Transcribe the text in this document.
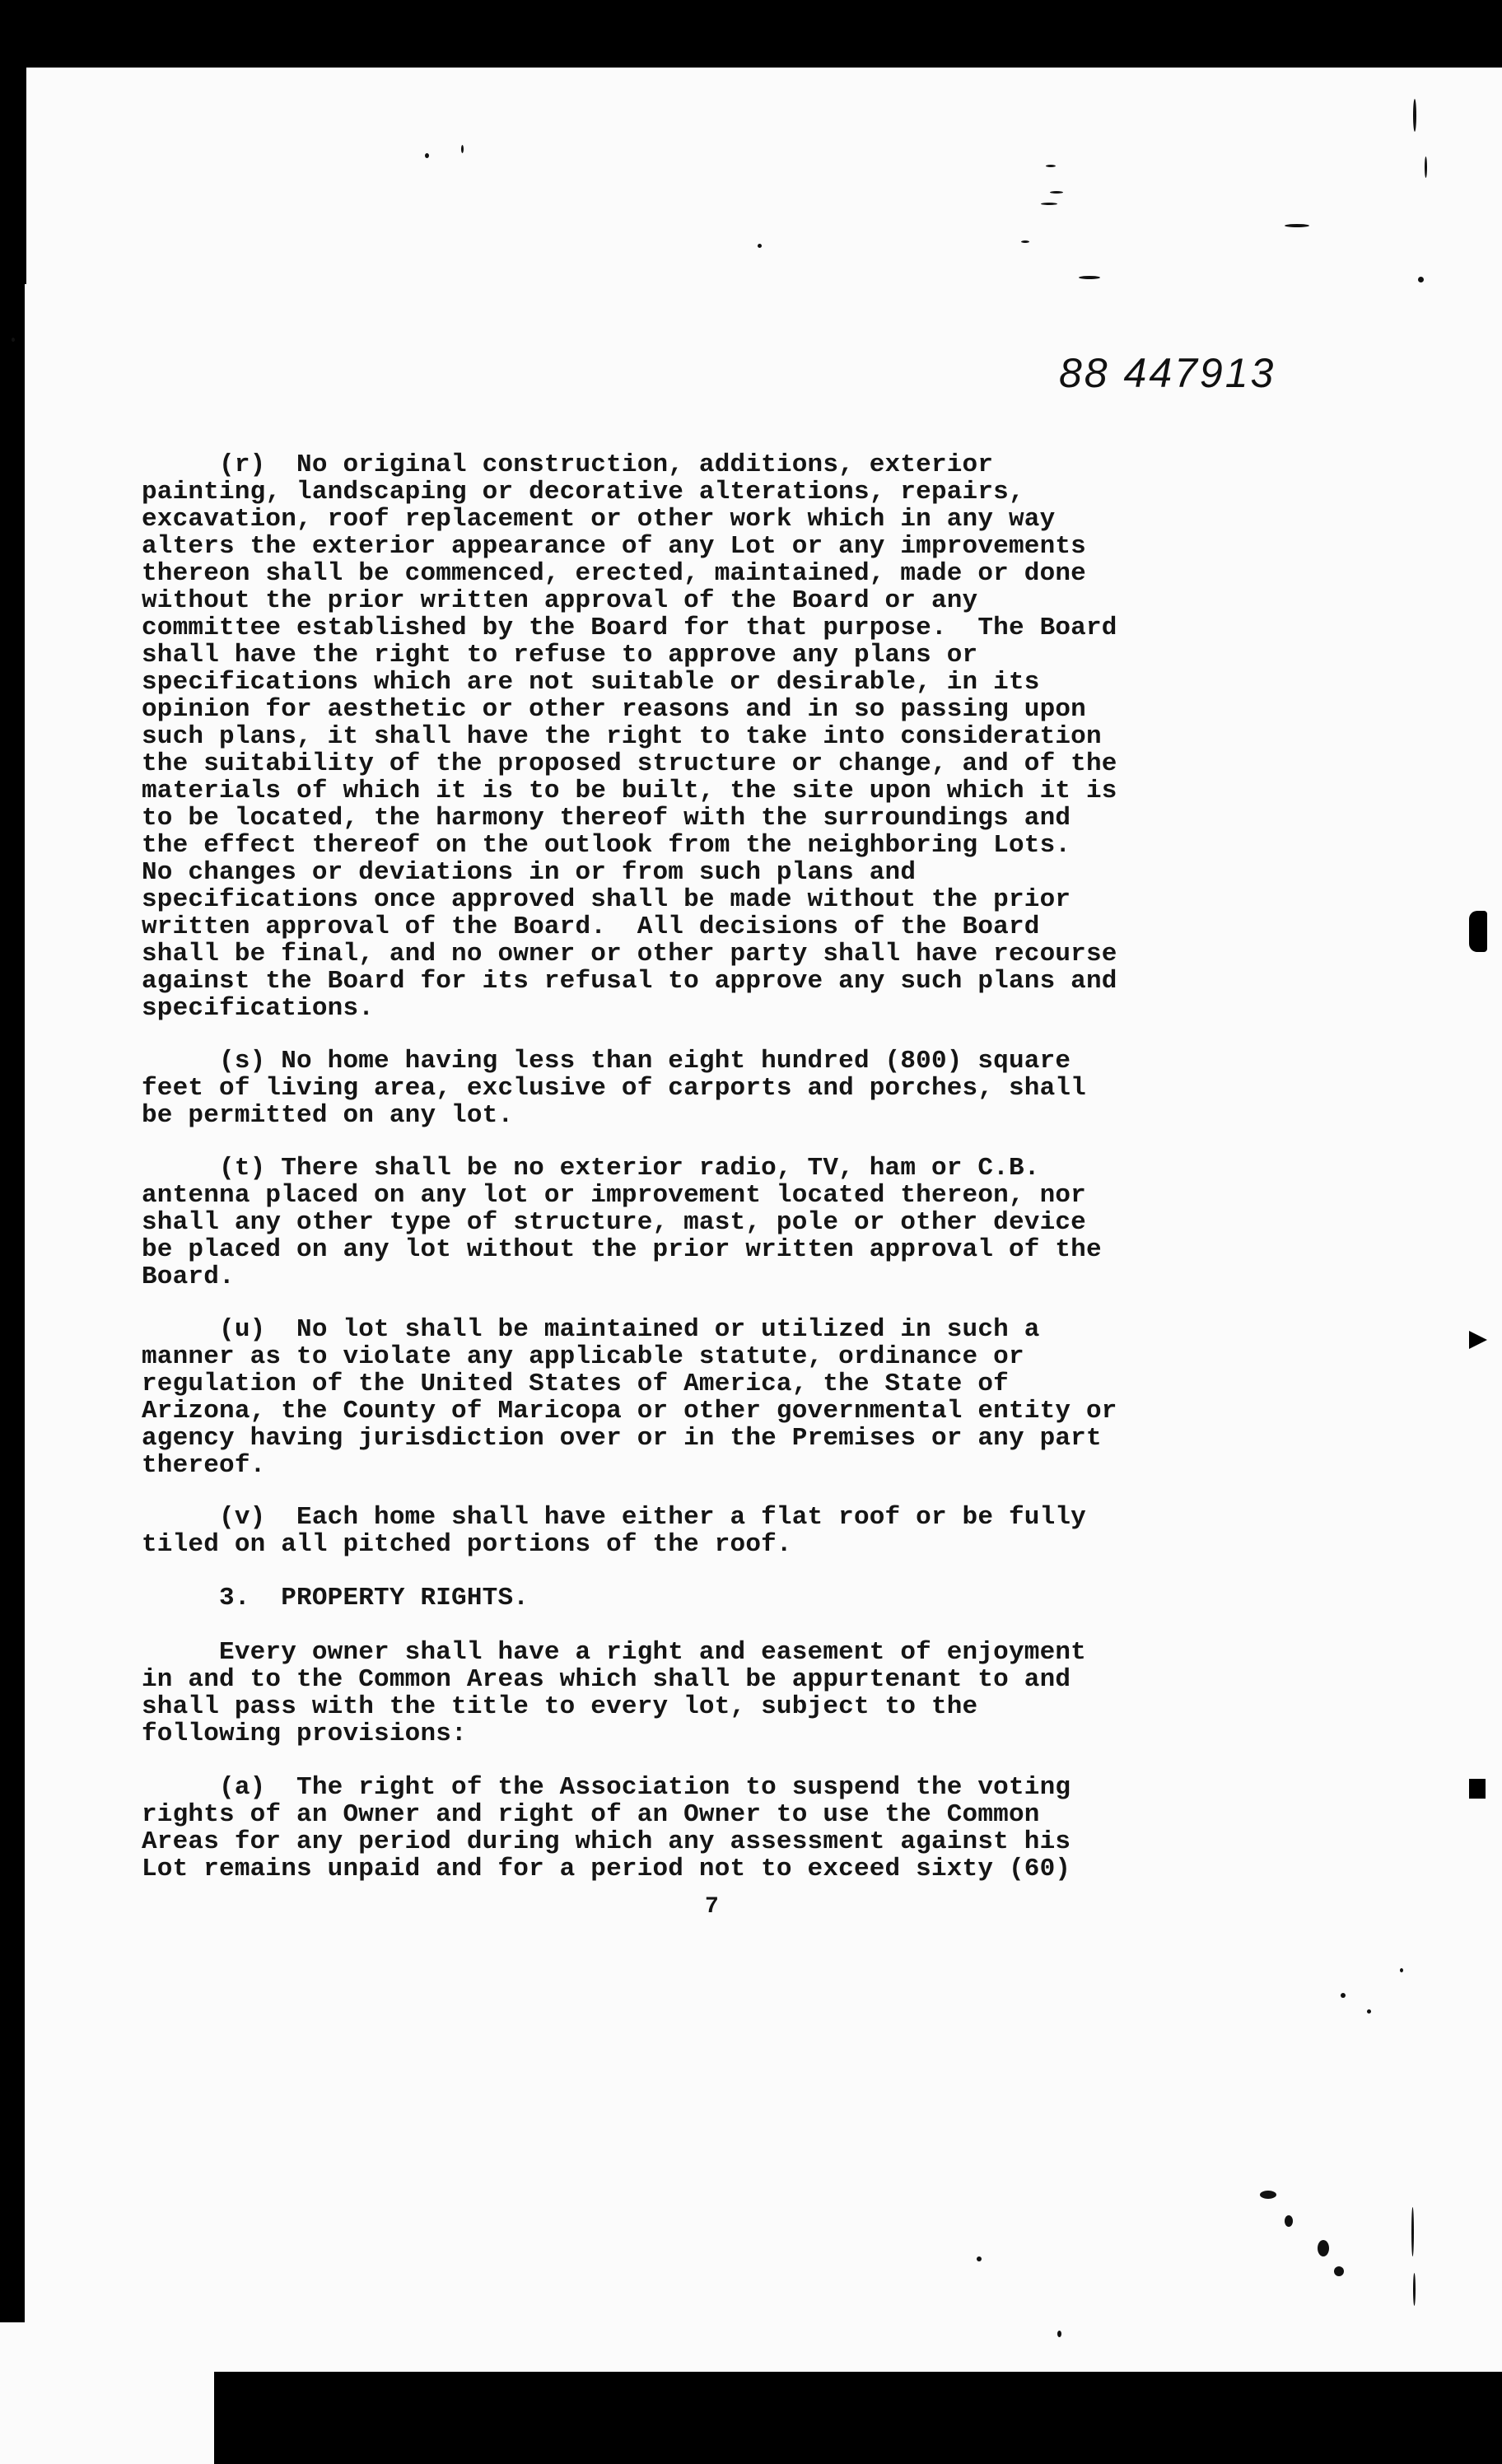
88 447913
(r)  No original construction, additions, exterior
painting, landscaping or decorative alterations, repairs,
excavation, roof replacement or other work which in any way
alters the exterior appearance of any Lot or any improvements
thereon shall be commenced, erected, maintained, made or done
without the prior written approval of the Board or any
committee established by the Board for that purpose.  The Board
shall have the right to refuse to approve any plans or
specifications which are not suitable or desirable, in its
opinion for aesthetic or other reasons and in so passing upon
such plans, it shall have the right to take into consideration
the suitability of the proposed structure or change, and of the
materials of which it is to be built, the site upon which it is
to be located, the harmony thereof with the surroundings and
the effect thereof on the outlook from the neighboring Lots.
No changes or deviations in or from such plans and
specifications once approved shall be made without the prior
written approval of the Board.  All decisions of the Board
shall be final, and no owner or other party shall have recourse
against the Board for its refusal to approve any such plans and
specifications.
(s) No home having less than eight hundred (800) square
feet of living area, exclusive of carports and porches, shall
be permitted on any lot.
(t) There shall be no exterior radio, TV, ham or C.B.
antenna placed on any lot or improvement located thereon, nor
shall any other type of structure, mast, pole or other device
be placed on any lot without the prior written approval of the
Board.
(u)  No lot shall be maintained or utilized in such a
manner as to violate any applicable statute, ordinance or
regulation of the United States of America, the State of
Arizona, the County of Maricopa or other governmental entity or
agency having jurisdiction over or in the Premises or any part
thereof.
(v)  Each home shall have either a flat roof or be fully
tiled on all pitched portions of the roof.
3.  PROPERTY RIGHTS.
Every owner shall have a right and easement of enjoyment
in and to the Common Areas which shall be appurtenant to and
shall pass with the title to every lot, subject to the
following provisions:
(a)  The right of the Association to suspend the voting
rights of an Owner and right of an Owner to use the Common
Areas for any period during which any assessment against his
Lot remains unpaid and for a period not to exceed sixty (60)
7
